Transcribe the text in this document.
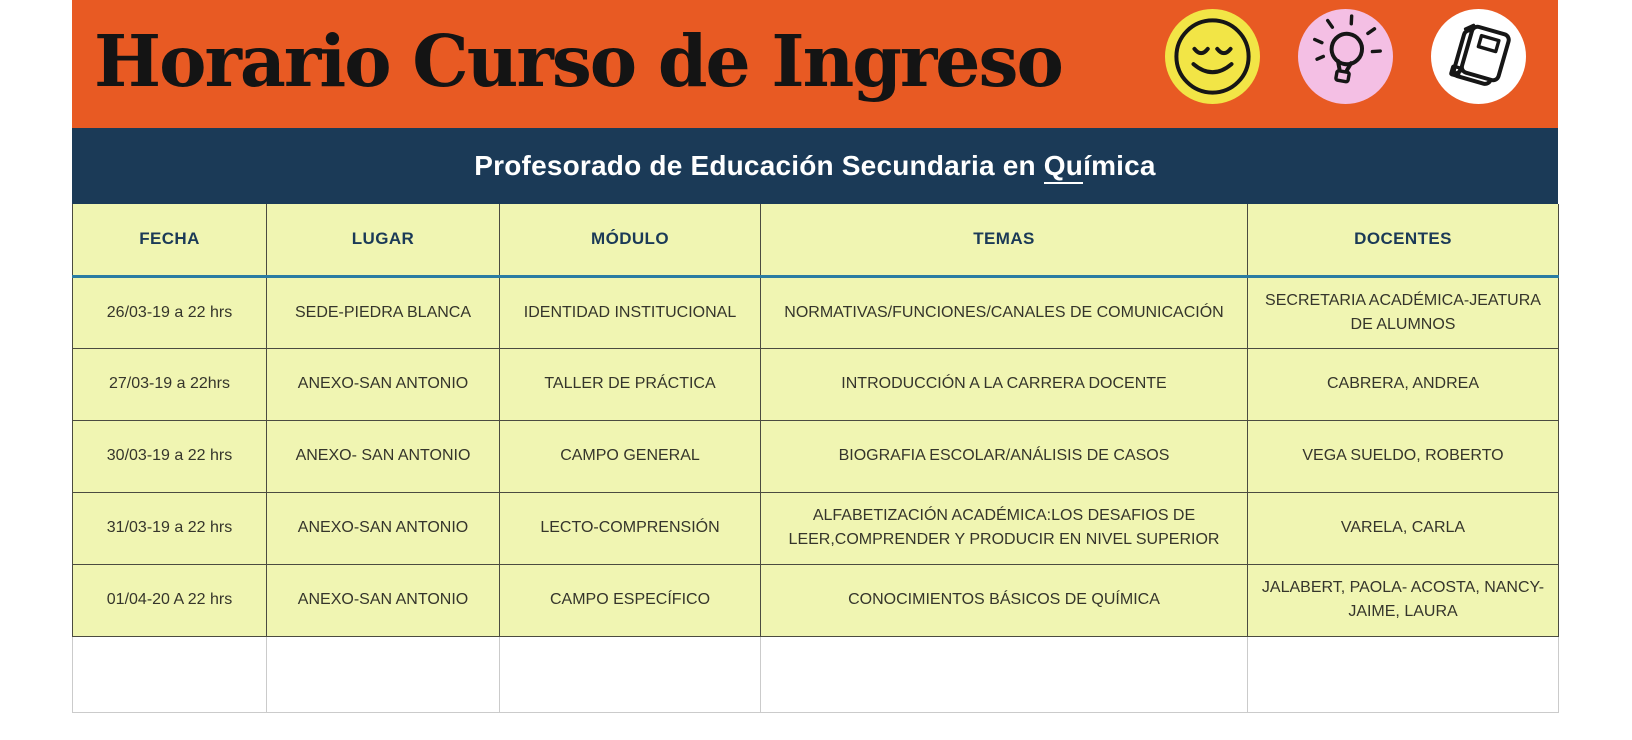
Horario Curso de Ingreso
Profesorado de Educación Secundaria en Química
FECHA	LUGAR	MÓDULO	TEMAS	DOCENTES
26/03-19 a 22 hrs	SEDE-PIEDRA BLANCA	IDENTIDAD INSTITUCIONAL	NORMATIVAS/FUNCIONES/CANALES DE COMUNICACIÓN	SECRETARIA ACADÉMICA-JEATURA DE ALUMNOS
27/03-19 a 22hrs	ANEXO-SAN ANTONIO	TALLER DE PRÁCTICA	INTRODUCCIÓN A LA CARRERA DOCENTE	CABRERA, ANDREA
30/03-19 a 22 hrs	ANEXO- SAN ANTONIO	CAMPO GENERAL	BIOGRAFIA ESCOLAR/ANÁLISIS DE CASOS	VEGA SUELDO, ROBERTO
31/03-19 a 22 hrs	ANEXO-SAN ANTONIO	LECTO-COMPRENSIÓN	ALFABETIZACIÓN ACADÉMICA:LOS DESAFIOS DE LEER,COMPRENDER Y PRODUCIR EN NIVEL SUPERIOR	VARELA, CARLA
01/04-20 A 22 hrs	ANEXO-SAN ANTONIO	CAMPO ESPECÍFICO	CONOCIMIENTOS BÁSICOS DE QUÍMICA	JALABERT, PAOLA- ACOSTA, NANCY-JAIME, LAURA
